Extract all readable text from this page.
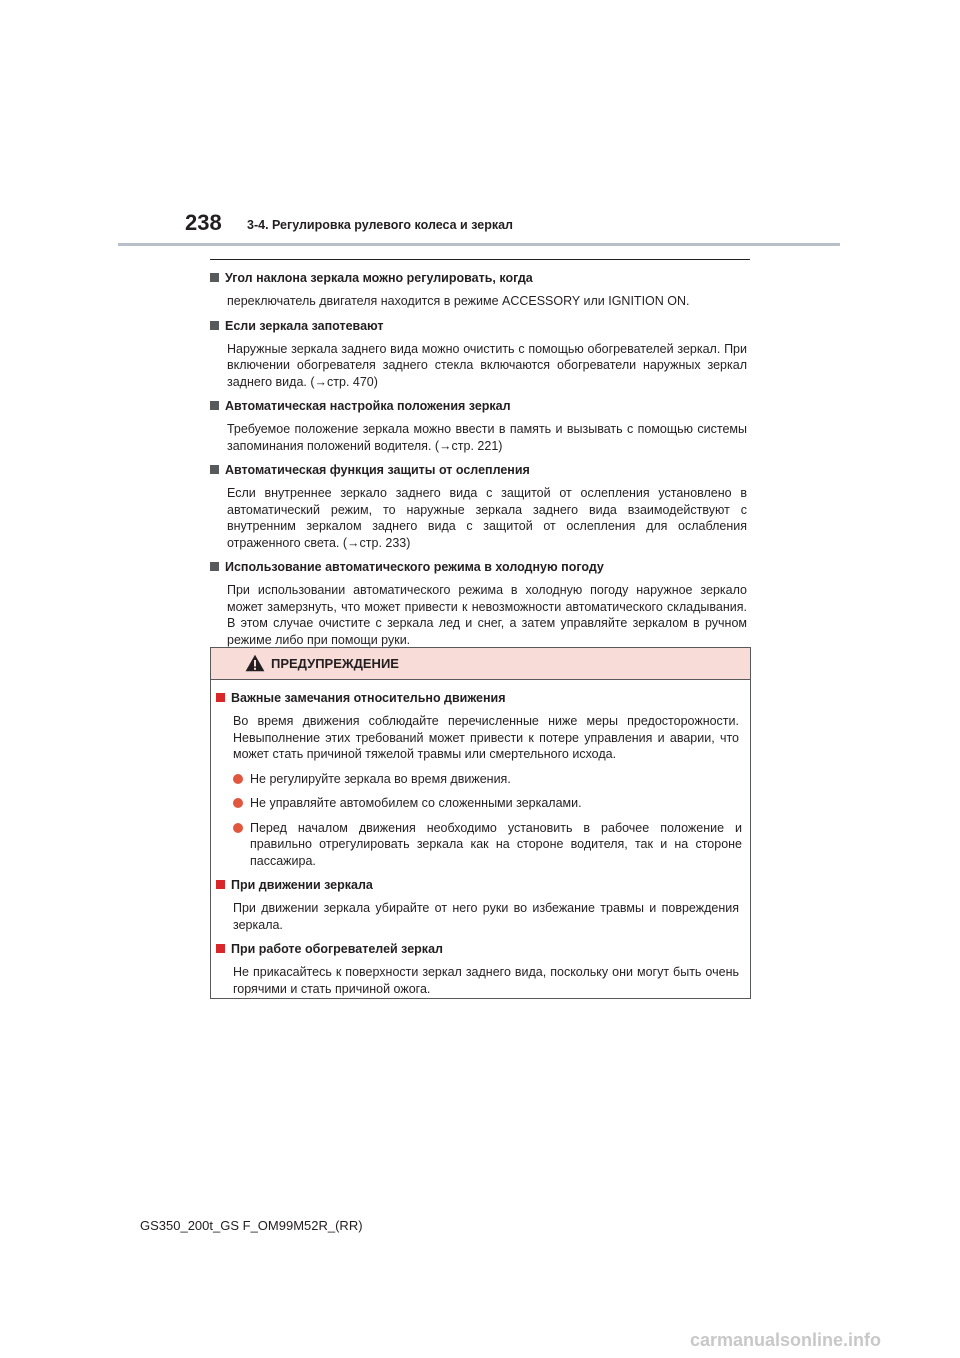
238 3-4. Регулировка рулевого колеса и зеркал
Угол наклона зеркала можно регулировать, когда
переключатель двигателя находится в режиме ACCESSORY или IGNITION ON.
Если зеркала запотевают
Наружные зеркала заднего вида можно очистить с помощью обогревателей зеркал. При включении обогревателя заднего стекла включаются обогреватели наружных зеркал заднего вида. (→стр. 470)
Автоматическая настройка положения зеркал
Требуемое положение зеркала можно ввести в память и вызывать с помощью системы запоминания положений водителя. (→стр. 221)
Автоматическая функция защиты от ослепления
Если внутреннее зеркало заднего вида с защитой от ослепления установлено в автоматический режим, то наружные зеркала заднего вида взаимодействуют с внутренним зеркалом заднего вида с защитой от ослепления для ослабления отраженного света. (→стр. 233)
Использование автоматического режима в холодную погоду
При использовании автоматического режима в холодную погоду наружное зеркало может замерзнуть, что может привести к невозможности автоматического складывания. В этом случае очистите с зеркала лед и снег, а затем управляйте зеркалом в ручном режиме либо при помощи руки.
ПРЕДУПРЕЖДЕНИЕ
Важные замечания относительно движения
Во время движения соблюдайте перечисленные ниже меры предосторожности. Невыполнение этих требований может привести к потере управления и аварии, что может стать причиной тяжелой травмы или смертельного исхода.
Не регулируйте зеркала во время движения.
Не управляйте автомобилем со сложенными зеркалами.
Перед началом движения необходимо установить в рабочее положение и правильно отрегулировать зеркала как на стороне водителя, так и на стороне пассажира.
При движении зеркала
При движении зеркала убирайте от него руки во избежание травмы и повреждения зеркала.
При работе обогревателей зеркал
Не прикасайтесь к поверхности зеркал заднего вида, поскольку они могут быть очень горячими и стать причиной ожога.
GS350_200t_GS F_OM99M52R_(RR)
carmanualsonline.info
